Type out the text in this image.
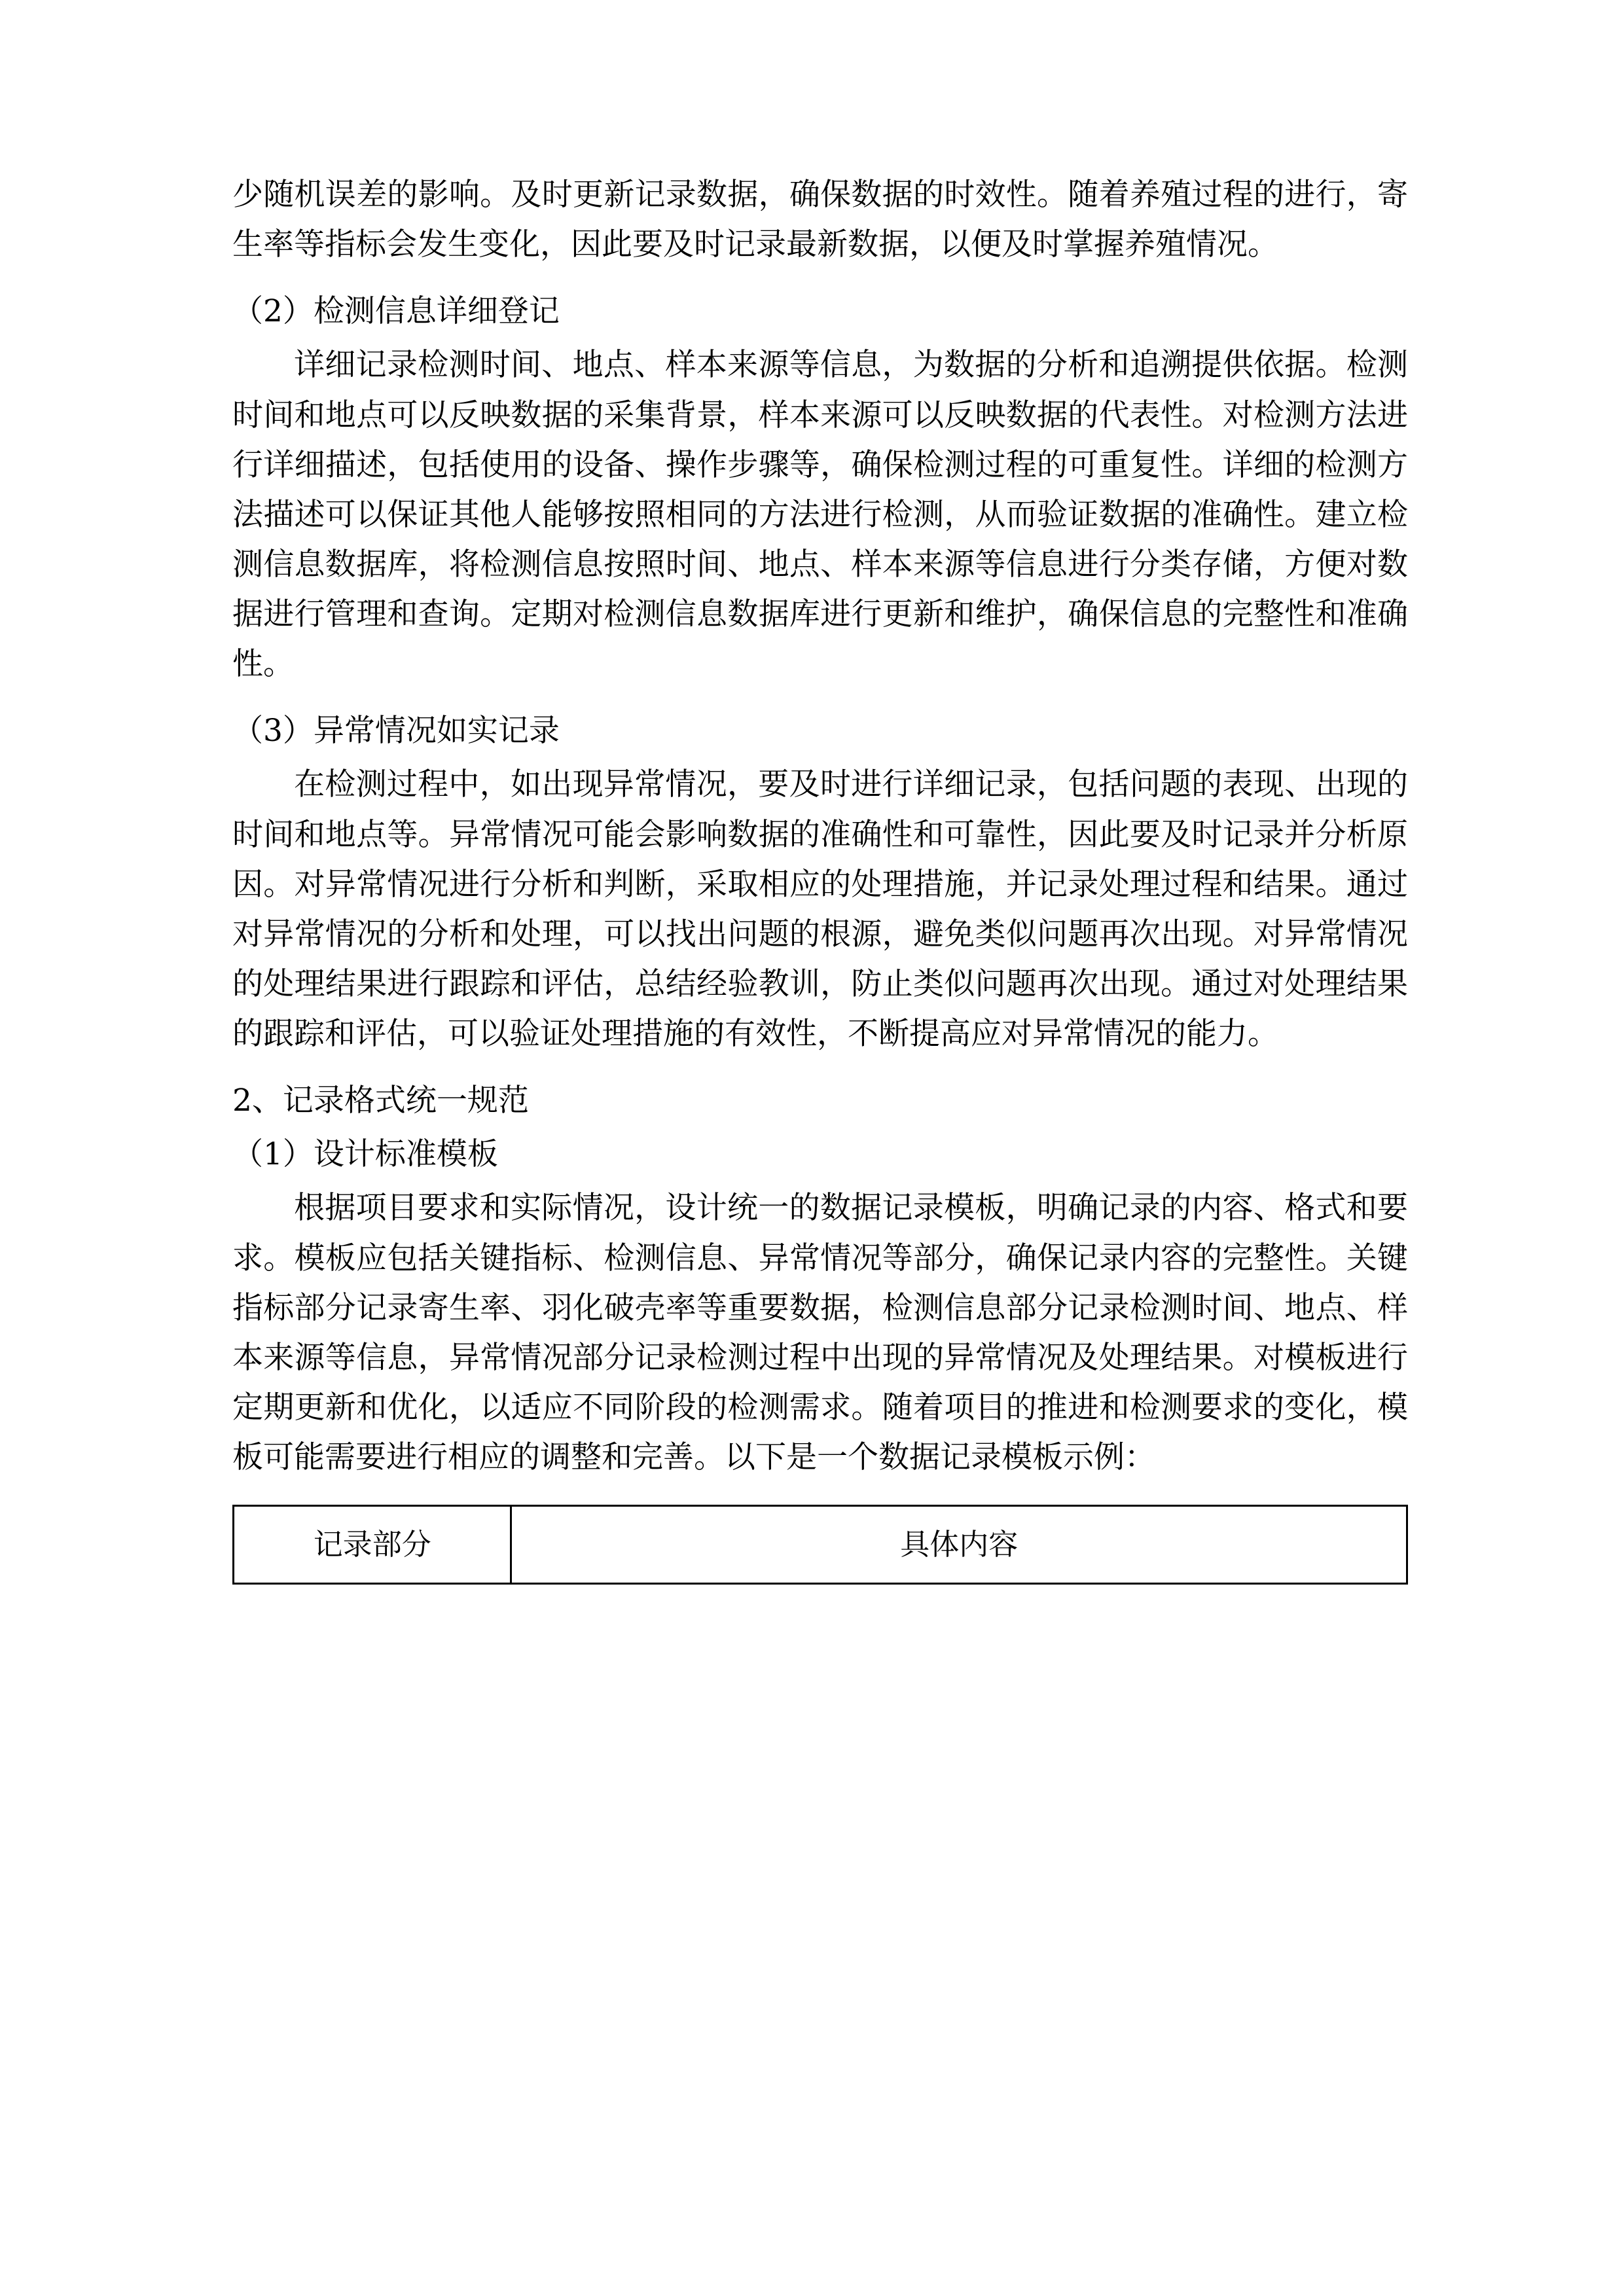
少随机误差的影响。及时更新记录数据，确保数据的时效性。随着养殖过程的进行，寄生率等指标会发生变化，因此要及时记录最新数据，以便及时掌握养殖情况。

（2）检测信息详细登记

详细记录检测时间、地点、样本来源等信息，为数据的分析和追溯提供依据。检测时间和地点可以反映数据的采集背景，样本来源可以反映数据的代表性。对检测方法进行详细描述，包括使用的设备、操作步骤等，确保检测过程的可重复性。详细的检测方法描述可以保证其他人能够按照相同的方法进行检测，从而验证数据的准确性。建立检测信息数据库，将检测信息按照时间、地点、样本来源等信息进行分类存储，方便对数据进行管理和查询。定期对检测信息数据库进行更新和维护，确保信息的完整性和准确性。

（3）异常情况如实记录

在检测过程中，如出现异常情况，要及时进行详细记录，包括问题的表现、出现的时间和地点等。异常情况可能会影响数据的准确性和可靠性，因此要及时记录并分析原因。对异常情况进行分析和判断，采取相应的处理措施，并记录处理过程和结果。通过对异常情况的分析和处理，可以找出问题的根源，避免类似问题再次出现。对异常情况的处理结果进行跟踪和评估，总结经验教训，防止类似问题再次出现。通过对处理结果的跟踪和评估，可以验证处理措施的有效性，不断提高应对异常情况的能力。

2、记录格式统一规范

（1）设计标准模板

根据项目要求和实际情况，设计统一的数据记录模板，明确记录的内容、格式和要求。模板应包括关键指标、检测信息、异常情况等部分，确保记录内容的完整性。关键指标部分记录寄生率、羽化破壳率等重要数据，检测信息部分记录检测时间、地点、样本来源等信息，异常情况部分记录检测过程中出现的异常情况及处理结果。对模板进行定期更新和优化，以适应不同阶段的检测需求。随着项目的推进和检测要求的变化，模板可能需要进行相应的调整和完善。以下是一个数据记录模板示例：

记录部分	具体内容
